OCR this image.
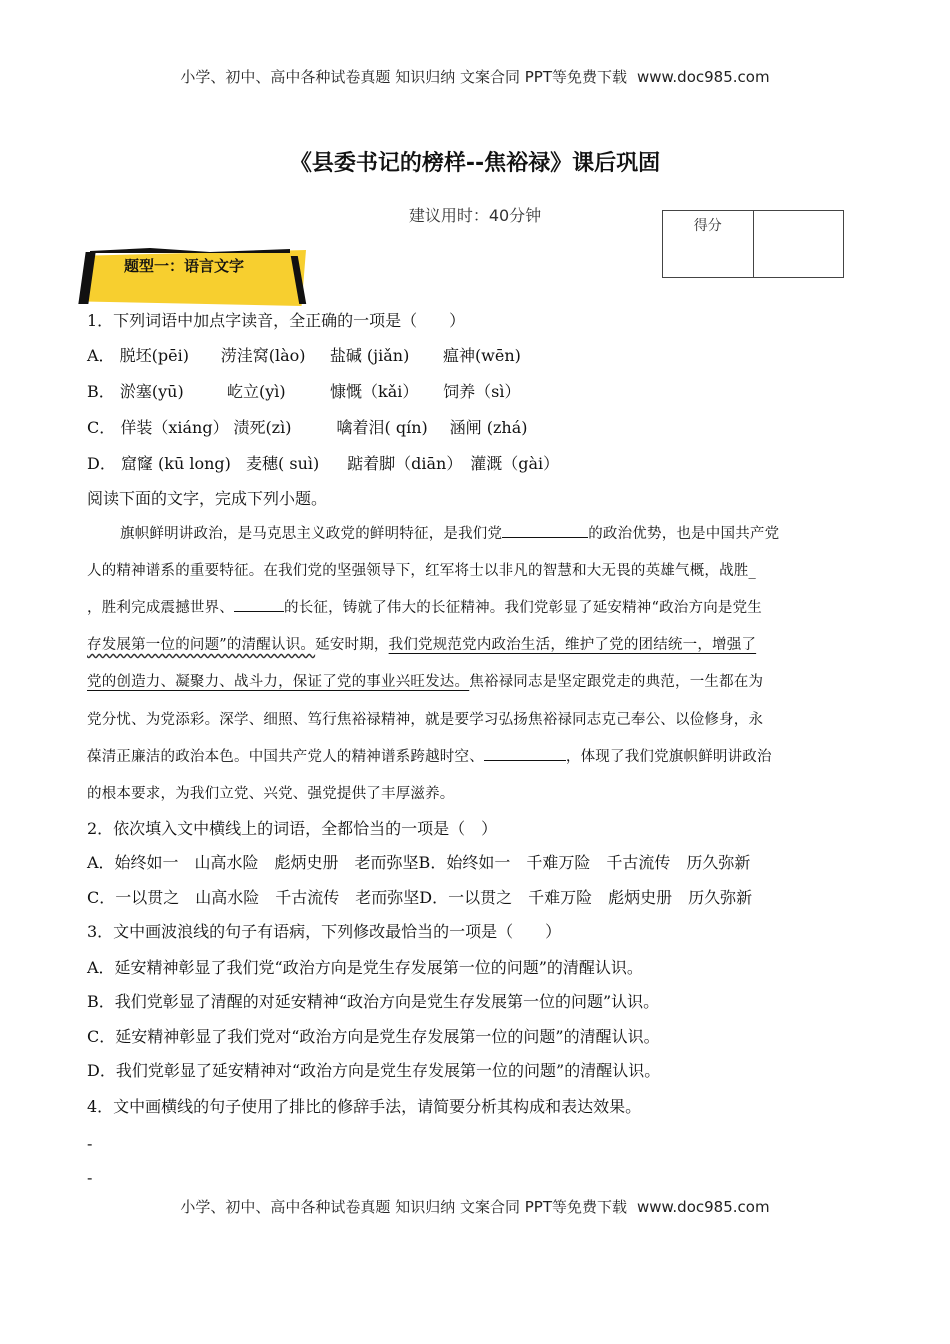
小学、初中、高中各种试卷真题 知识归纳 文案合同 PPT等免费下载 www.doc985.com
《县委书记的榜样--焦裕禄》课后巩固
建议用时：40分钟
得分
题型一：语言文字
1．下列词语中加点字读音，全正确的一项是（　　）
A． 脱坯(pēi) 涝洼窝(lào) 盐碱 (jiǎn) 瘟神(wēn)
B． 淤塞(yū)	屹立(yì)	慷慨（kǎi） 饲养（sì）
C． 佯装（xiáng） 渍死(zì)	噙着泪( qín) 涵闸 (zhá)
D． 窟窿 (kū long) 麦穗( suì) 踮着脚（diān） 灌溉（gài）
阅读下面的文字，完成下列小题。
旗帜鲜明讲政治，是马克思主义政党的鲜明特征，是我们党	的政治优势，也是中国共产党
人的精神谱系的重要特征。在我们党的坚强领导下，红军将士以非凡的智慧和大无畏的英雄气概，战胜_
，胜利完成震撼世界、	的长征，铸就了伟大的长征精神。我们党彰显了延安精神“政治方向是党生
存发展第一位的问题”的清醒认识。延安时期，我们党规范党内政治生活，维护了党的团结统一，增强了
党的创造力、凝聚力、战斗力，保证了党的事业兴旺发达。焦裕禄同志是坚定跟党走的典范，一生都在为
党分忧、为党添彩。深学、细照、笃行焦裕禄精神，就是要学习弘扬焦裕禄同志克己奉公、以俭修身，永
葆清正廉洁的政治本色。中国共产党人的精神谱系跨越时空、	，体现了我们党旗帜鲜明讲政治
的根本要求，为我们立党、兴党、强党提供了丰厚滋养。
2．依次填入文中横线上的词语，全都恰当的一项是（　）
A．始终如一　山高水险　彪炳史册　老而弥坚B．始终如一　千难万险　千古流传　历久弥新
C．一以贯之　山高水险　千古流传　老而弥坚D．一以贯之　千难万险　彪炳史册　历久弥新
3．文中画波浪线的句子有语病，下列修改最恰当的一项是（　　）
A．延安精神彰显了我们党“政治方向是党生存发展第一位的问题”的清醒认识。
B．我们党彰显了清醒的对延安精神“政治方向是党生存发展第一位的问题”认识。
C．延安精神彰显了我们党对“政治方向是党生存发展第一位的问题”的清醒认识。
D．我们党彰显了延安精神对“政治方向是党生存发展第一位的问题”的清醒认识。
4．文中画横线的句子使用了排比的修辞手法，请简要分析其构成和表达效果。
-
-
小学、初中、高中各种试卷真题 知识归纳 文案合同 PPT等免费下载 www.doc985.com
